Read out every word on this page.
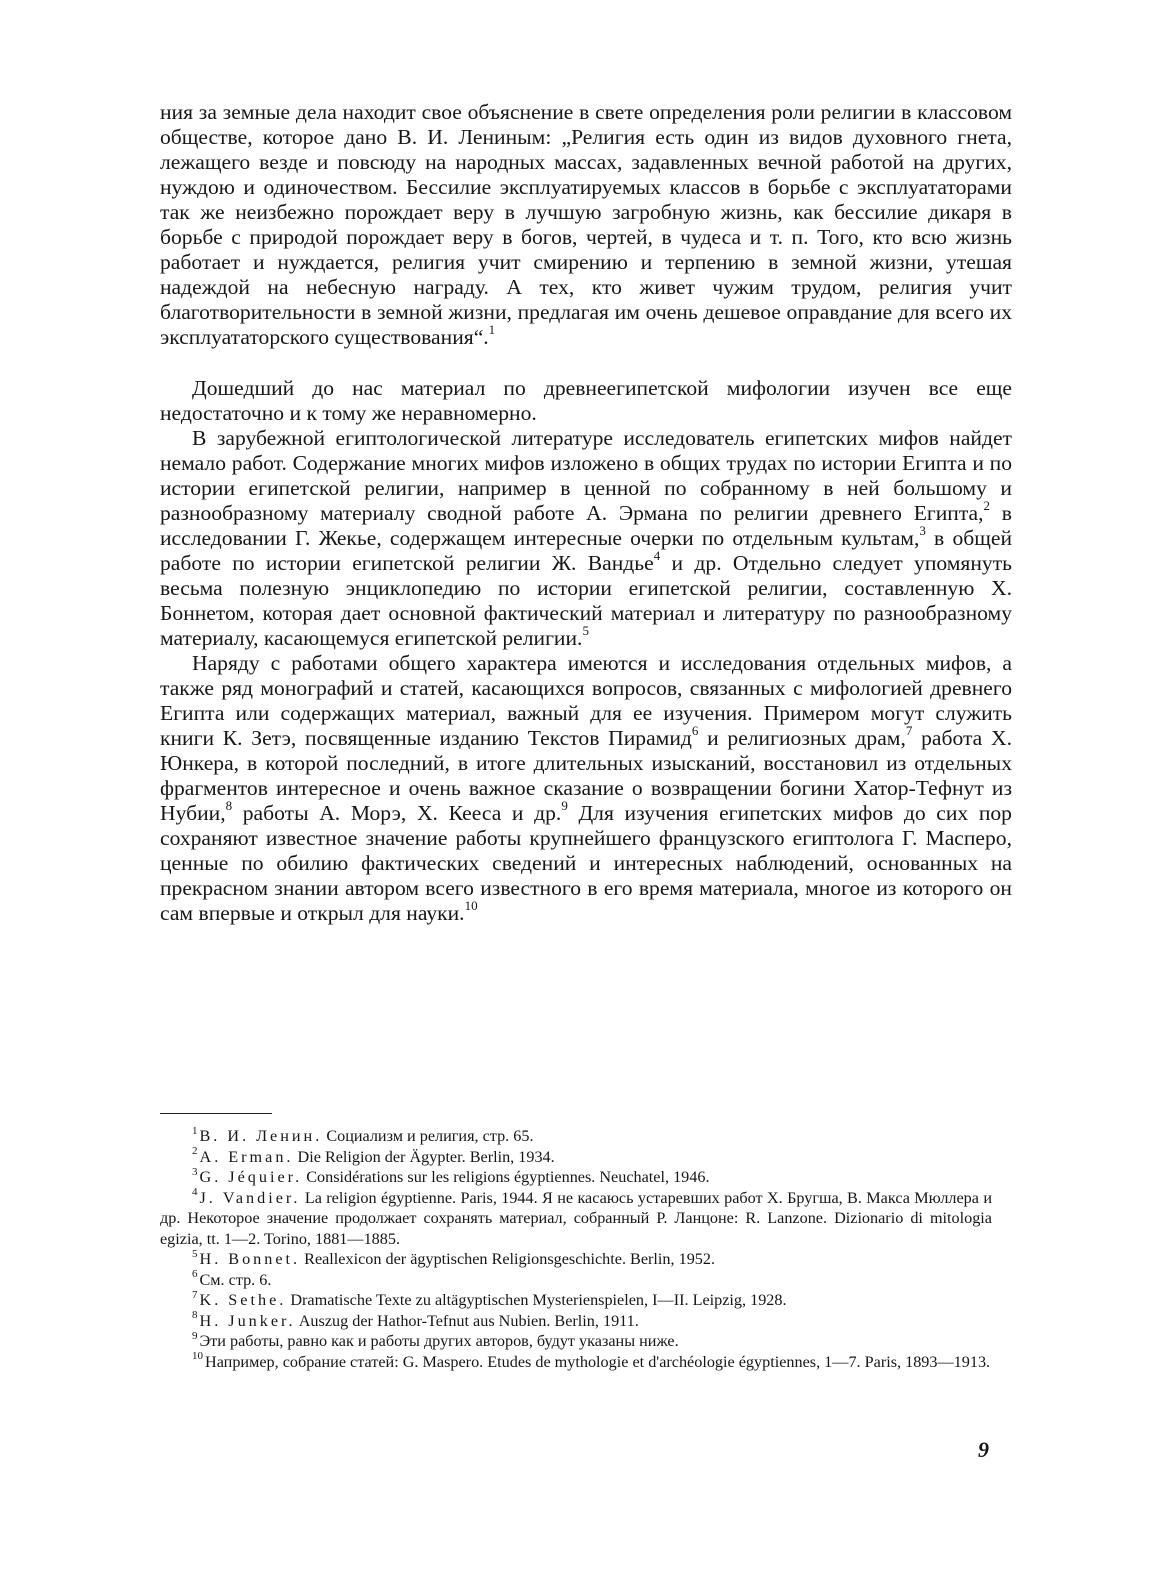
ния за земные дела находит свое объяснение в свете определения роли религии в классовом обществе, которое дано В. И. Лениным: „Религия есть один из видов духовного гнета, лежащего везде и повсюду на народных массах, задавленных вечной работой на других, нуждою и одиночеством. Бессилие эксплуатируемых классов в борьбе с эксплуататорами так же неизбежно порождает веру в лучшую загробную жизнь, как бессилие дикаря в борьбе с природой порождает веру в богов, чертей, в чудеса и т. п. Того, кто всю жизнь работает и нуждается, религия учит смирению и терпению в земной жизни, утешая надеждой на небесную награду. А тех, кто живет чужим трудом, религия учит благотворительности в земной жизни, предлагая им очень дешевое оправдание для всего их эксплуататорского существования“.$^1$

Дошедший до нас материал по древнеегипетской мифологии изучен все еще недостаточно и к тому же неравномерно.

В зарубежной египтологической литературе исследователь египетских мифов найдет немало работ. Содержание многих мифов изложено в общих трудах по истории Египта и по истории египетской религии, например в ценной по собранному в ней большому и разнообразному материалу сводной работе А. Эрмана по религии древнего Египта,$^2$ в исследовании Г. Жекье, содержащем интересные очерки по отдельным культам,$^3$ в общей работе по истории египетской религии Ж. Вандье$^4$ и др. Отдельно следует упомянуть весьма полезную энциклопедию по истории египетской религии, составленную Х. Боннетом, которая дает основной фактический материал и литературу по разнообразному материалу, касающемуся египетской религии.$^5$

Наряду с работами общего характера имеются и исследования отдельных мифов, а также ряд монографий и статей, касающихся вопросов, связанных с мифологией древнего Египта или содержащих материал, важный для ее изучения. Примером могут служить книги К. Зетэ, посвященные изданию Текстов Пирамид$^6$ и религиозных драм,$^7$ работа Х. Юнкера, в которой последний, в итоге длительных изысканий, восстановил из отдельных фрагментов интересное и очень важное сказание о возвращении богини Хатор-Тефнут из Нубии,$^8$ работы А. Морэ, Х. Кееса и др.$^9$ Для изучения египетских мифов до сих пор сохраняют известное значение работы крупнейшего французского египтолога Г. Масперо, ценные по обилию фактических сведений и интересных наблюдений, основанных на прекрасном знании автором всего известного в его время материала, многое из которого он сам впервые и открыл для науки.$^{10}$

$^1$ В. И. Ленин. Социализм и религия, стр. 65.

$^2$ A. Erman. Die Religion der Ägypter. Berlin, 1934.

$^3$ G. Jéquier. Considérations sur les religions égyptiennes. Neuchatel, 1946.

$^4$ J. Vandier. La religion égyptienne. Paris, 1944. Я не касаюсь устаревших работ Х. Бругша, В. Макса Мюллера и др. Некоторое значение продолжает сохранять материал, собранный Р. Ланцоне: R. Lanzone. Dizionario di mitologia egizia, tt. 1—2. Torino, 1881—1885.

$^5$ H. Bonnet. Reallexicon der ägyptischen Religionsgeschichte. Berlin, 1952.

$^6$ См. стр. 6.

$^7$ K. Sethe. Dramatische Texte zu altägyptischen Mysterienspielen, I—II. Leipzig, 1928.

$^8$ H. Junker. Auszug der Hathor-Tefnut aus Nubien. Berlin, 1911.

$^9$ Эти работы, равно как и работы других авторов, будут указаны ниже.

$^{10}$ Например, собрание статей: G. Maspero. Etudes de mythologie et d'archéologie égyptiennes, 1—7. Paris, 1893—1913.

9
